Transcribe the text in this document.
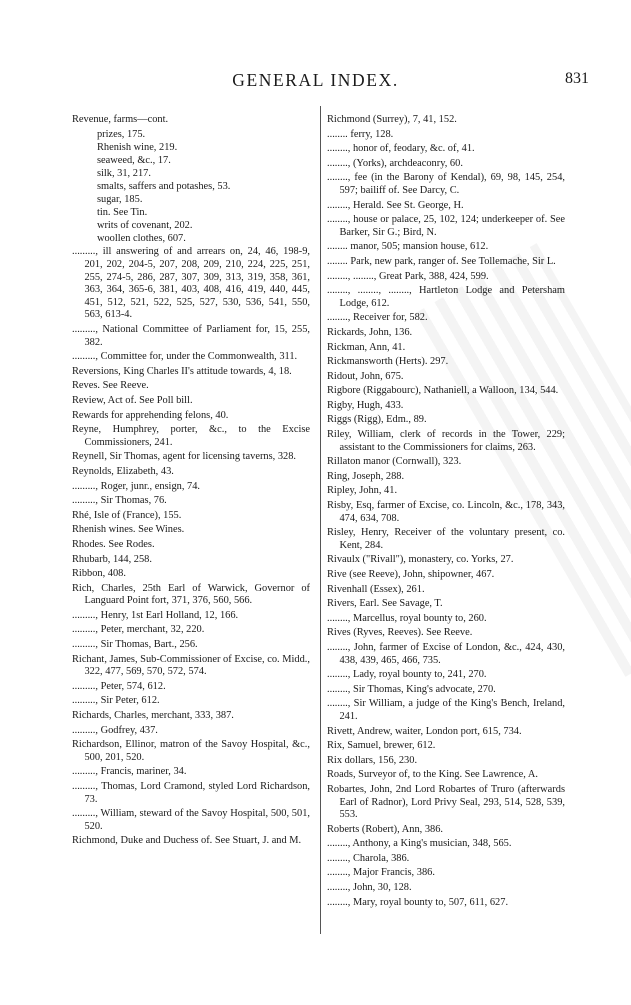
GENERAL INDEX.	831
Revenue, farms—cont.
prizes, 175.
Rhenish wine, 219.
seaweed, &c., 17.
silk, 31, 217.
smalts, saffers and potashes, 53.
sugar, 185.
tin. See Tin.
writs of covenant, 202.
woollen clothes, 607.
........., ill answering of and arrears on, 24, 46, 198-9, 201, 202, 204-5, 207, 208, 209, 210, 224, 225, 251, 255, 274-5, 286, 287, 307, 309, 313, 319, 358, 361, 363, 364, 365-6, 381, 403, 408, 416, 419, 440, 445, 451, 512, 521, 522, 525, 527, 530, 536, 541, 550, 563, 613-4.
........., National Committee of Parliament for, 15, 255, 382.
........., Committee for, under the Commonwealth, 311.
Reversions, King Charles II's attitude towards, 4, 18.
Reves. See Reeve.
Review, Act of. See Poll bill.
Rewards for apprehending felons, 40.
Reyne, Humphrey, porter, &c., to the Excise Commissioners, 241.
Reynell, Sir Thomas, agent for licensing taverns, 328.
Reynolds, Elizabeth, 43.
........., Roger, junr., ensign, 74.
........., Sir Thomas, 76.
Rhé, Isle of (France), 155.
Rhenish wines. See Wines.
Rhodes. See Rodes.
Rhubarb, 144, 258.
Ribbon, 408.
Rich, Charles, 25th Earl of Warwick, Governor of Languard Point fort, 371, 376, 560, 566.
........., Henry, 1st Earl Holland, 12, 166.
........., Peter, merchant, 32, 220.
........., Sir Thomas, Bart., 256.
Richant, James, Sub-Commissioner of Excise, co. Midd., 322, 477, 569, 570, 572, 574.
........., Peter, 574, 612.
........., Sir Peter, 612.
Richards, Charles, merchant, 333, 387.
........., Godfrey, 437.
Richardson, Ellinor, matron of the Savoy Hospital, &c., 500, 201, 520.
........., Francis, mariner, 34.
........., Thomas, Lord Cramond, styled Lord Richardson, 73.
........., William, steward of the Savoy Hospital, 500, 501, 520.
Richmond, Duke and Duchess of. See Stuart, J. and M.
Richmond (Surrey), 7, 41, 152.
........ ferry, 128.
........, honor of, feodary, &c. of, 41.
........, (Yorks), archdeaconry, 60.
........, fee (in the Barony of Kendal), 69, 98, 145, 254, 597; bailiff of. See Darcy, C.
........, Herald. See St. George, H.
........, house or palace, 25, 102, 124; underkeeper of. See Barker, Sir G.; Bird, N.
........ manor, 505; mansion house, 612.
........ Park, new park, ranger of. See Tollemache, Sir L.
........, ........, Great Park, 388, 424, 599.
........, ........, ........, Hartleton Lodge and Petersham Lodge, 612.
........, Receiver for, 582.
Rickards, John, 136.
Rickman, Ann, 41.
Rickmansworth (Herts). 297.
Ridout, John, 675.
Rigbore (Riggabourc), Nathaniell, a Walloon, 134, 544.
Rigby, Hugh, 433.
Riggs (Rigg), Edm., 89.
Riley, William, clerk of records in the Tower, 229; assistant to the Commissioners for claims, 263.
Rillaton manor (Cornwall), 323.
Ring, Joseph, 288.
Ripley, John, 41.
Risby, Esq, farmer of Excise, co. Lincoln, &c., 178, 343, 474, 634, 708.
Risley, Henry, Receiver of the voluntary present, co. Kent, 284.
Rivaulx ("Rivall"), monastery, co. Yorks, 27.
Rive (see Reeve), John, shipowner, 467.
Rivenhall (Essex), 261.
Rivers, Earl. See Savage, T.
........, Marcellus, royal bounty to, 260.
Rives (Ryves, Reeves). See Reeve.
........, John, farmer of Excise of London, &c., 424, 430, 438, 439, 465, 466, 735.
........, Lady, royal bounty to, 241, 270.
........, Sir Thomas, King's advocate, 270.
........, Sir William, a judge of the King's Bench, Ireland, 241.
Rivett, Andrew, waiter, London port, 615, 734.
Rix, Samuel, brewer, 612.
Rix dollars, 156, 230.
Roads, Surveyor of, to the King. See Lawrence, A.
Robartes, John, 2nd Lord Robartes of Truro (afterwards Earl of Radnor), Lord Privy Seal, 293, 514, 528, 539, 553.
Roberts (Robert), Ann, 386.
........, Anthony, a King's musician, 348, 565.
........, Charola, 386.
........, Major Francis, 386.
........, John, 30, 128.
........, Mary, royal bounty to, 507, 611, 627.
